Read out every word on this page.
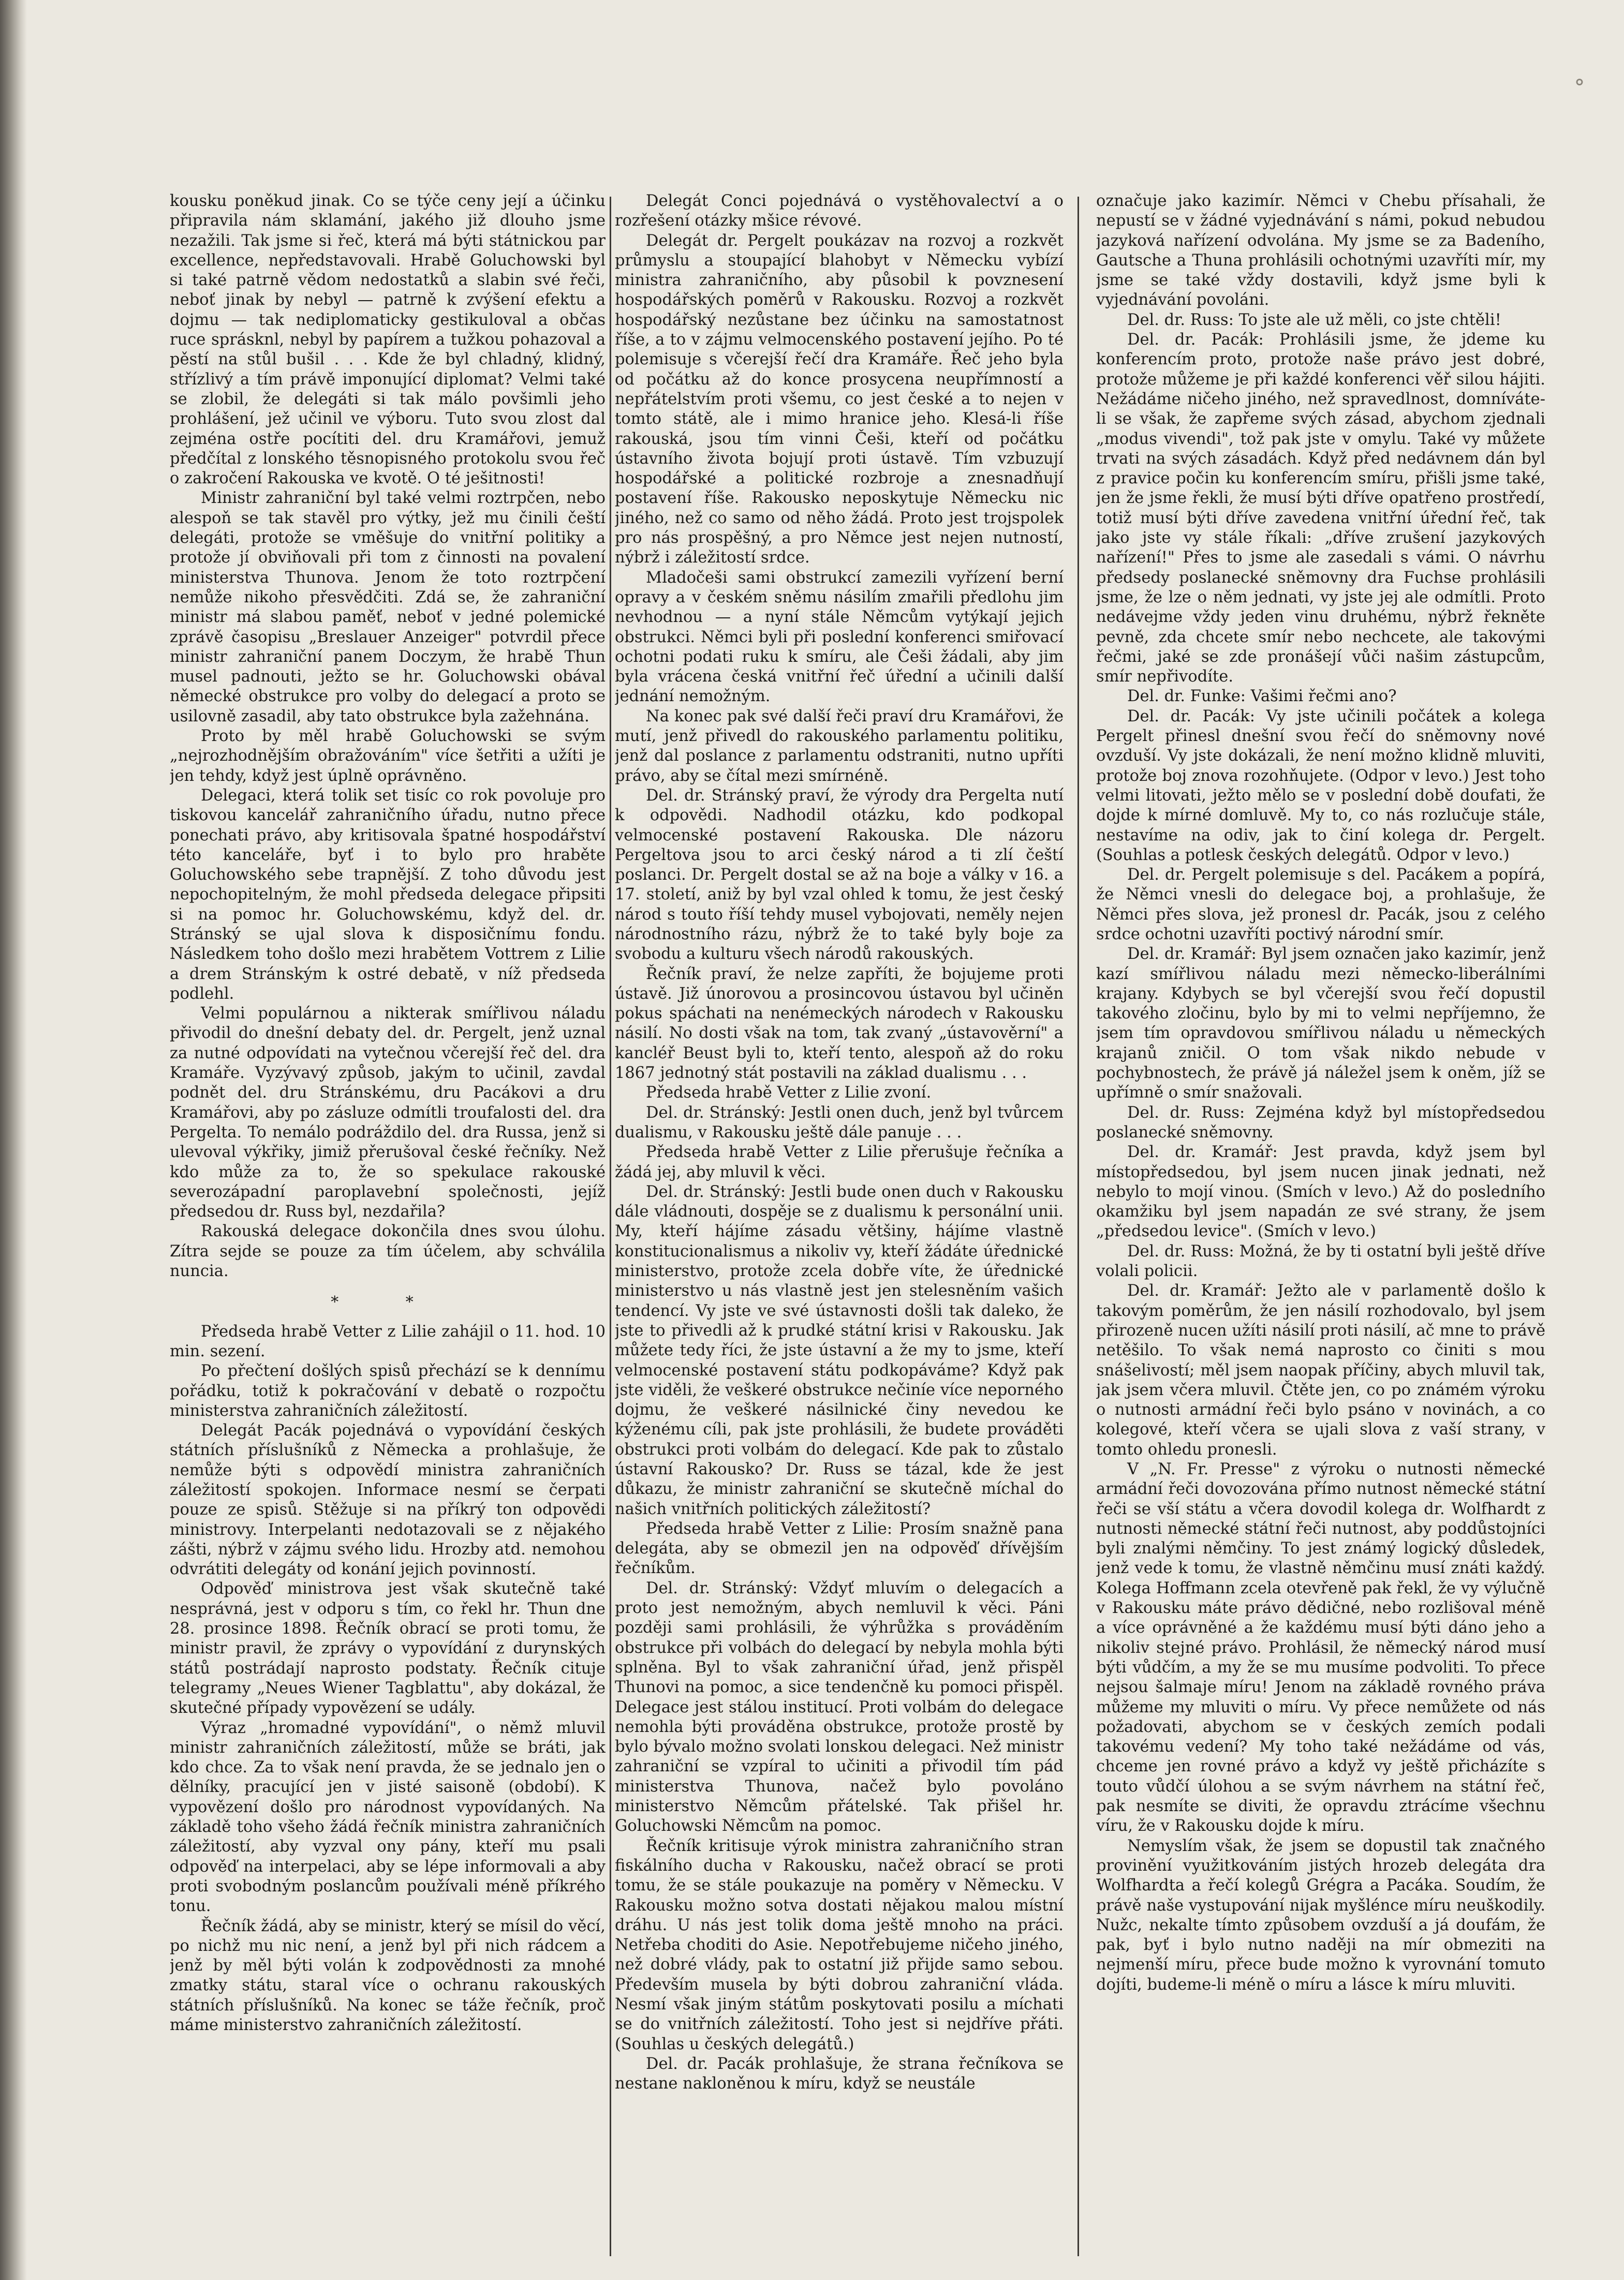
˚

kousku poněkud jinak. Co se týče ceny její a účinku připravila nám sklamání, jakého již dlouho jsme nezažili. Tak jsme si řeč, která má býti státnickou par excellence, nepředstavovali. Hrabě Goluchowski byl si také patrně vědom nedostatků a slabin své řeči, neboť jinak by nebyl — patrně k zvýšení efektu a dojmu — tak nediplomaticky gestikuloval a občas ruce sprásknl, nebyl by papírem a tužkou pohazoval a pěstí na stůl bušil . . . Kde že byl chladný, klidný, střízlivý a tím právě imponující diplomat? Velmi také se zlobil, že delegáti si tak málo povšimli jeho prohlášení, jež učinil ve výboru. Tuto svou zlost dal zejména ostře pocítiti del. dru Kramářovi, jemuž předčítal z lonského těsnopisného protokolu svou řeč o zakročení Rakouska ve kvotě. O té ješitnosti!

Ministr zahraniční byl také velmi roztrpčen, nebo alespoň se tak stavěl pro výtky, jež mu činili čeští delegáti, protože se vměšuje do vnitřní politiky a protože jí obviňovali při tom z činnosti na povalení ministerstva Thunova. Jenom že toto roztrpčení nemůže nikoho přesvědčiti. Zdá se, že zahraniční ministr má slabou paměť, neboť v jedné polemické zprávě časopisu „Breslauer Anzeiger" potvrdil přece ministr zahraniční panem Doczym, že hrabě Thun musel padnouti, ježto se hr. Goluchowski obával německé obstrukce pro volby do delegací a proto se usilovně zasadil, aby tato obstrukce byla zažehnána.

Proto by měl hrabě Goluchowski se svým „nejrozhodnějším obražováním" více šetřiti a užíti je jen tehdy, když jest úplně oprávněno.

Delegaci, která tolik set tisíc co rok povoluje pro tiskovou kancelář zahraničního úřadu, nutno přece ponechati právo, aby kritisovala špatné hospodářství této kanceláře, byť i to bylo pro hraběte Goluchowského sebe trapnější. Z toho důvodu jest nepochopitelným, že mohl předseda delegace připsiti si na pomoc hr. Goluchowskému, když del. dr. Stránský se ujal slova k disposičnímu fondu. Následkem toho došlo mezi hrabětem Vottrem z Lilie a drem Stránským k ostré debatě, v níž předseda podlehl.

Velmi populárnou a nikterak smířlivou náladu přivodil do dnešní debaty del. dr. Pergelt, jenž uznal za nutné odpovídati na vytečnou včerejší řeč del. dra Kramáře. Vyzývavý způsob, jakým to učinil, zavdal podnět del. dru Stránskému, dru Pacákovi a dru Kramářovi, aby po zásluze odmítli troufalosti del. dra Pergelta. To nemálo podráždilo del. dra Russa, jenž si ulevoval výkřiky, jimiž přerušoval české řečníky. Než kdo může za to, že so spekulace rakouské severozápadní paroplavební společnosti, jejíž předsedou dr. Russ byl, nezdařila?

Rakouská delegace dokončila dnes svou úlohu. Zítra sejde se pouze za tím účelem, aby schválila nuncia.

* *

Předseda hrabě Vetter z Lilie zahájil o 11. hod. 10 min. sezení.

Po přečtení došlých spisů přechází se k dennímu pořádku, totiž k pokračování v debatě o rozpočtu ministerstva zahraničních záležitostí.

Delegát Pacák pojednává o vypovídání českých státních příslušníků z Německa a prohlašuje, že nemůže býti s odpovědí ministra zahraničních záležitostí spokojen. Informace nesmí se čerpati pouze ze spisů. Stěžuje si na příkrý ton odpovědi ministrovy. Interpelanti nedotazovali se z nějakého zášti, nýbrž v zájmu svého lidu. Hrozby atd. nemohou odvrátiti delegáty od konání jejich povinností.

Odpověď ministrova jest však skutečně také nesprávná, jest v odporu s tím, co řekl hr. Thun dne 28. prosince 1898. Řečník obrací se proti tomu, že ministr pravil, že zprávy o vypovídání z durynských států postrádají naprosto podstaty. Řečník cituje telegramy „Neues Wiener Tagblattu", aby dokázal, že skutečné případy vypovězení se udály.

Výraz „hromadné vypovídání", o němž mluvil ministr zahraničních záležitostí, může se bráti, jak kdo chce. Za to však není pravda, že se jednalo jen o dělníky, pracující jen v jisté saisoně (období). K vypovězení došlo pro národnost vypovídaných. Na základě toho všeho žádá řečník ministra zahraničních záležitostí, aby vyzval ony pány, kteří mu psali odpověď na interpelaci, aby se lépe informovali a aby proti svobodným poslancům používali méně příkrého tonu.

Řečník žádá, aby se ministr, který se mísil do věcí, po nichž mu nic není, a jenž byl při nich rádcem a jenž by měl býti volán k zodpovědnosti za mnohé zmatky státu, staral více o ochranu rakouských státních příslušníků. Na konec se táže řečník, proč máme ministerstvo zahraničních záležitostí.

Delegát Conci pojednává o vystěhovalectví a o rozřešení otázky mšice révové.

Delegát dr. Pergelt poukázav na rozvoj a rozkvět průmyslu a stoupající blahobyt v Německu vybízí ministra zahraničního, aby působil k povznesení hospodářských poměrů v Rakousku. Rozvoj a rozkvět hospodářský nezůstane bez účinku na samostatnost říše, a to v zájmu velmocenského postavení jejího. Po té polemisuje s včerejší řečí dra Kramáře. Řeč jeho byla od počátku až do konce prosycena neupřímností a nepřátelstvím proti všemu, co jest české a to nejen v tomto státě, ale i mimo hranice jeho. Klesá-li říše rakouská, jsou tím vinni Češi, kteří od počátku ústavního života bojují proti ústavě. Tím vzbuzují hospodářské a politické rozbroje a znesnadňují postavení říše. Rakousko neposkytuje Německu nic jiného, než co samo od něho žádá. Proto jest trojspolek pro nás prospěšný, a pro Němce jest nejen nutností, nýbrž i záležitostí srdce.

Mladočeši sami obstrukcí zamezili vyřízení berní opravy a v českém sněmu násilím zmařili předlohu jim nevhodnou — a nyní stále Němcům vytýkají jejich obstrukci. Němci byli při poslední konferenci smiřovací ochotni podati ruku k smíru, ale Češi žádali, aby jim byla vrácena česká vnitřní řeč úřední a učinili další jednání nemožným.

Na konec pak své další řeči praví dru Kramářovi, že mutí, jenž přivedl do rakouského parlamentu politiku, jenž dal poslance z parlamentu odstraniti, nutno upříti právo, aby se čítal mezi smírnéně.

Del. dr. Stránský praví, že výrody dra Pergelta nutí k odpovědi. Nadhodil otázku, kdo podkopal velmocenské postavení Rakouska. Dle názoru Pergeltova jsou to arci český národ a ti zlí čeští poslanci. Dr. Pergelt dostal se až na boje a války v 16. a 17. století, aniž by byl vzal ohled k tomu, že jest český národ s touto říší tehdy musel vybojovati, neměly nejen národnostního rázu, nýbrž že to také byly boje za svobodu a kulturu všech národů rakouských.

Řečník praví, že nelze zapříti, že bojujeme proti ústavě. Již únorovou a prosincovou ústavou byl učiněn pokus spáchati na nenémeckých národech v Rakousku násilí. No dosti však na tom, tak zvaný „ústavověrní" a kancléř Beust byli to, kteří tento, alespoň až do roku 1867 jednotný stát postavili na základ dualismu . . .

Předseda hrabě Vetter z Lilie zvoní.

Del. dr. Stránský: Jestli onen duch, jenž byl tvůrcem dualismu, v Rakousku ještě dále panuje . . .

Předseda hrabě Vetter z Lilie přerušuje řečníka a žádá jej, aby mluvil k věci.

Del. dr. Stránský: Jestli bude onen duch v Rakousku dále vládnouti, dospěje se z dualismu k personální unii. My, kteří hájíme zásadu většiny, hájíme vlastně konstitucionalismus a nikoliv vy, kteří žádáte úřednické ministerstvo, protože zcela dobře víte, že úřednické ministerstvo u nás vlastně jest jen stelesněním vašich tendencí. Vy jste ve své ústavnosti došli tak daleko, že jste to přivedli až k prudké státní krisi v Rakousku. Jak můžete tedy říci, že jste ústavní a že my to jsme, kteří velmocenské postavení státu podkopáváme? Když pak jste viděli, že veškeré obstrukce nečiníe více neporného dojmu, že veškeré násilnické činy nevedou ke kýženému cíli, pak jste prohlásili, že budete prováděti obstrukci proti volbám do delegací. Kde pak to zůstalo ústavní Rakousko? Dr. Russ se tázal, kde že jest důkazu, že ministr zahraniční se skutečně míchal do našich vnitřních politických záležitostí?

Předseda hrabě Vetter z Lilie: Prosím snažně pana delegáta, aby se obmezil jen na odpověď dřívějším řečníkům.

Del. dr. Stránský: Vždyť mluvím o delegacích a proto jest nemožným, abych nemluvil k věci. Páni později sami prohlásili, že výhrůžka s prováděním obstrukce při volbách do delegací by nebyla mohla býti splněna. Byl to však zahraniční úřad, jenž přispěl Thunovi na pomoc, a sice tendenčně ku pomoci přispěl. Delegace jest stálou institucí. Proti volbám do delegace nemohla býti prováděna obstrukce, protože prostě by bylo bývalo možno svolati lonskou delegaci. Než ministr zahraniční se vzpíral to učiniti a přivodil tím pád ministerstva Thunova, načež bylo povoláno ministerstvo Němcům přátelské. Tak přišel hr. Goluchowski Němcům na pomoc.

Řečník kritisuje výrok ministra zahraničního stran fiskálního ducha v Rakousku, načež obrací se proti tomu, že se stále poukazuje na poměry v Německu. V Rakousku možno sotva dostati nějakou malou místní dráhu. U nás jest tolik doma ještě mnoho na práci. Netřeba choditi do Asie. Nepotřebujeme ničeho jiného, než dobré vlády, pak to ostatní již přijde samo sebou. Především musela by býti dobrou zahraniční vláda. Nesmí však jiným státům poskytovati posilu a míchati se do vnitřních záležitostí. Toho jest si nejdříve přáti. (Souhlas u českých delegátů.)

Del. dr. Pacák prohlašuje, že strana řečníkova se nestane nakloněnou k míru, když se neustále

označuje jako kazimír. Němci v Chebu přísahali, že nepustí se v žádné vyjednávání s námi, pokud nebudou jazyková nařízení odvolána. My jsme se za Badeního, Gautsche a Thuna prohlásili ochotnými uzavříti mír, my jsme se také vždy dostavili, když jsme byli k vyjednávání povoláni.

Del. dr. Russ: To jste ale už měli, co jste chtěli!

Del. dr. Pacák: Prohlásili jsme, že jdeme ku konferencím proto, protože naše právo jest dobré, protože můžeme je při každé konferenci věř silou hájiti. Nežádáme ničeho jiného, než spravedlnost, domníváte-li se však, že zapřeme svých zásad, abychom zjednali „modus vivendi", tož pak jste v omylu. Také vy můžete trvati na svých zásadách. Když před nedávnem dán byl z pravice počin ku konferencím smíru, přišli jsme také, jen že jsme řekli, že musí býti dříve opatřeno prostředí, totiž musí býti dříve zavedena vnitřní úřední řeč, tak jako jste vy stále říkali: „dříve zrušení jazykových nařízení!" Přes to jsme ale zasedali s vámi. O návrhu předsedy poslanecké sněmovny dra Fuchse prohlásili jsme, že lze o něm jednati, vy jste jej ale odmítli. Proto nedávejme vždy jeden vinu druhému, nýbrž řekněte pevně, zda chcete smír nebo nechcete, ale takovými řečmi, jaké se zde pronášejí vůči našim zástupcům, smír nepřivodíte.

Del. dr. Funke: Vašimi řečmi ano?

Del. dr. Pacák: Vy jste učinili počátek a kolega Pergelt přinesl dnešní svou řečí do sněmovny nové ovzduší. Vy jste dokázali, že není možno klidně mluviti, protože boj znova rozohňujete. (Odpor v levo.) Jest toho velmi litovati, ježto mělo se v poslední době doufati, že dojde k mírné domluvě. My to, co nás rozlučuje stále, nestavíme na odiv, jak to činí kolega dr. Pergelt. (Souhlas a potlesk českých delegátů. Odpor v levo.)

Del. dr. Pergelt polemisuje s del. Pacákem a popírá, že Němci vnesli do delegace boj, a prohlašuje, že Němci přes slova, jež pronesl dr. Pacák, jsou z celého srdce ochotni uzavříti poctivý národní smír.

Del. dr. Kramář: Byl jsem označen jako kazimír, jenž kazí smířlivou náladu mezi německo-liberálními krajany. Kdybych se byl včerejší svou řečí dopustil takového zločinu, bylo by mi to velmi nepříjemno, že jsem tím opravdovou smířlivou náladu u německých krajanů zničil. O tom však nikdo nebude v pochybnostech, že právě já náležel jsem k oněm, jíž se upřímně o smír snažovali.

Del. dr. Russ: Zejména když byl místopředsedou poslanecké sněmovny.

Del. dr. Kramář: Jest pravda, když jsem byl místopředsedou, byl jsem nucen jinak jednati, než nebylo to mojí vinou. (Smích v levo.) Až do posledního okamžiku byl jsem napadán ze své strany, že jsem „předsedou levice". (Smích v levo.)

Del. dr. Russ: Možná, že by ti ostatní byli ještě dříve volali policii.

Del. dr. Kramář: Ježto ale v parlamentě došlo k takovým poměrům, že jen násilí rozhodovalo, byl jsem přirozeně nucen užíti násilí proti násilí, ač mne to právě netěšilo. To však nemá naprosto co činiti s mou snášelivostí; měl jsem naopak příčiny, abych mluvil tak, jak jsem včera mluvil. Čtěte jen, co po známém výroku o nutnosti armádní řeči bylo psáno v novinách, a co kolegové, kteří včera se ujali slova z vaší strany, v tomto ohledu pronesli.

V „N. Fr. Presse" z výroku o nutnosti německé armádní řeči dovozována přímo nutnost německé státní řeči se vší státu a včera dovodil kolega dr. Wolfhardt z nutnosti německé státní řeči nutnost, aby poddůstojníci byli znalými němčiny. To jest známý logický důsledek, jenž vede k tomu, že vlastně němčinu musí znáti každý. Kolega Hoffmann zcela otevřeně pak řekl, že vy výlučně v Rakousku máte právo dědičné, nebo rozlišoval méně a více oprávněné a že každému musí býti dáno jeho a nikoliv stejné právo. Prohlásil, že německý národ musí býti vůdčím, a my že se mu musíme podvoliti. To přece nejsou šalmaje míru! Jenom na základě rovného práva můžeme my mluviti o míru. Vy přece nemůžete od nás požadovati, abychom se v českých zemích podali takovému vedení? My toho také nežádáme od vás, chceme jen rovné právo a když vy ještě přicházíte s touto vůdčí úlohou a se svým návrhem na státní řeč, pak nesmíte se diviti, že opravdu ztrácíme všechnu víru, že v Rakousku dojde k míru.

Nemyslím však, že jsem se dopustil tak značného provinění využitkováním jistých hrozeb delegáta dra Wolfhardta a řečí kolegů Grégra a Pacáka. Soudím, že právě naše vystupování nijak myšlénce míru neuškodily. Nužc, nekalte tímto způsobem ovzduší a já doufám, že pak, byť i bylo nutno naději na mír obmeziti na nejmenší míru, přece bude možno k vyrovnání tomuto dojíti, budeme-li méně o míru a lásce k míru mluviti.
